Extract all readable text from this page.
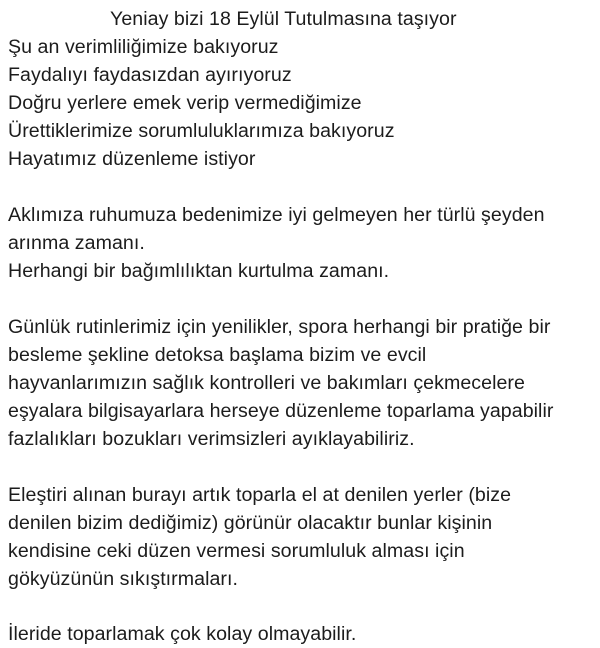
Yeniay bizi 18 Eylül Tutulmasına taşıyor
Şu an verimliliğimize bakıyoruz
Faydalıyı faydasızdan ayırıyoruz
Doğru yerlere emek verip vermediğimize
Ürettiklerimize sorumluluklarımıza bakıyoruz
Hayatımız düzenleme istiyor
Aklımıza ruhumuza bedenimize iyi gelmeyen her türlü şeyden
arınma zamanı.
Herhangi bir bağımlılıktan kurtulma zamanı.
Günlük rutinlerimiz için yenilikler, spora herhangi bir pratiğe bir
besleme şekline detoksa başlama bizim ve evcil
hayvanlarımızın sağlık kontrolleri ve bakımları çekmecelere
eşyalara bilgisayarlara herseye düzenleme toparlama yapabilir
fazlalıkları bozukları verimsizleri ayıklayabiliriz.
Eleştiri alınan burayı artık toparla el at denilen yerler (bize
denilen bizim dediğimiz) görünür olacaktır bunlar kişinin
kendisine ceki düzen vermesi sorumluluk alması için
gökyüzünün sıkıştırmaları.
İleride toparlamak çok kolay olmayabilir.
